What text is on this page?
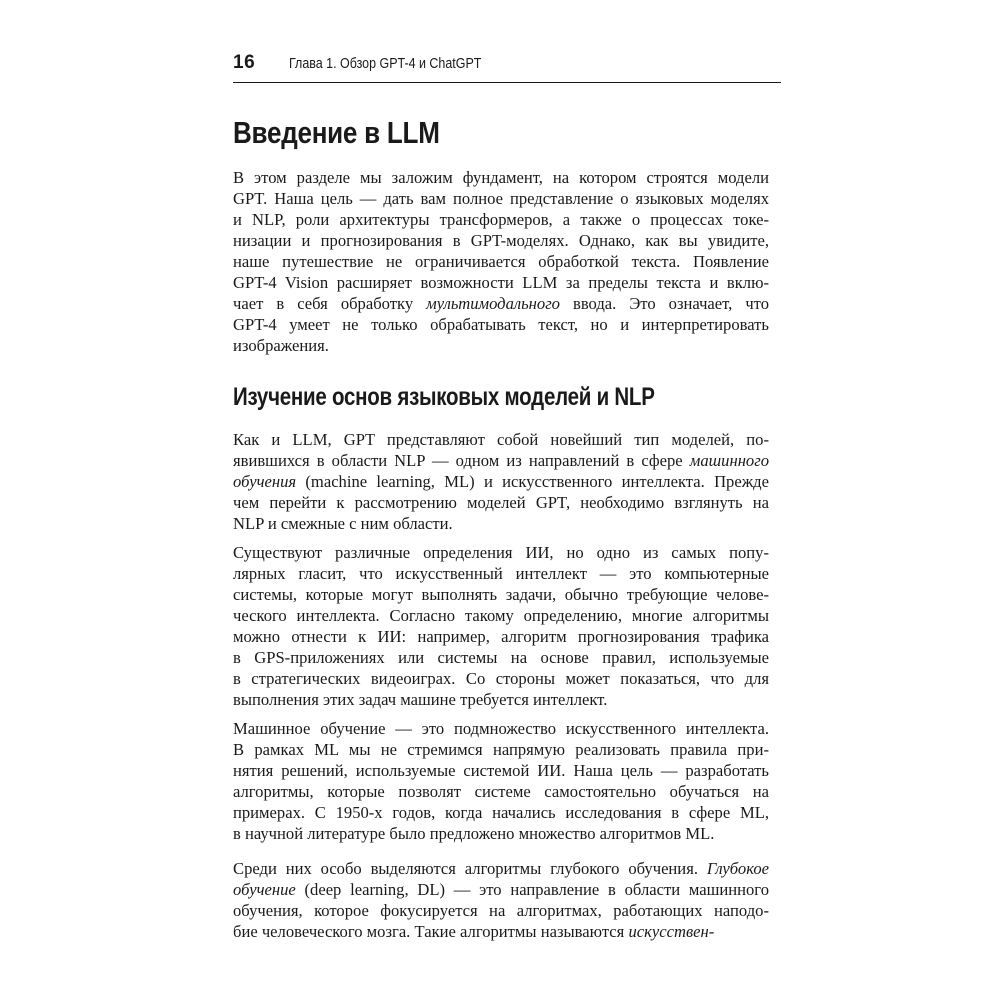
16	Глава 1. Обзор GPT-4 и ChatGPT
Введение в LLM
В этом разделе мы заложим фундамент, на котором строятся модели
GPT. Наша цель — дать вам полное представление о языковых моделях
и NLP, роли архитектуры трансформеров, а также о процессах токе-
низации и прогнозирования в GPT-моделях. Однако, как вы увидите,
наше путешествие не ограничивается обработкой текста. Появление
GPT-4 Vision расширяет возможности LLM за пределы текста и вклю-
чает в себя обработку мультимодального ввода. Это означает, что
GPT-4 умеет не только обрабатывать текст, но и интерпретировать
изображения.
Изучение основ языковых моделей и NLP
Как и LLM, GPT представляют собой новейший тип моделей, по-
явившихся в области NLP — одном из направлений в сфере машинного
обучения (machine learning, ML) и искусственного интеллекта. Прежде
чем перейти к рассмотрению моделей GPT, необходимо взглянуть на
NLP и смежные с ним области.
Существуют различные определения ИИ, но одно из самых попу-
лярных гласит, что искусственный интеллект — это компьютерные
системы, которые могут выполнять задачи, обычно требующие челове-
ческого интеллекта. Согласно такому определению, многие алгоритмы
можно отнести к ИИ: например, алгоритм прогнозирования трафика
в GPS-приложениях или системы на основе правил, используемые
в стратегических видеоиграх. Со стороны может показаться, что для
выполнения этих задач машине требуется интеллект.
Машинное обучение — это подмножество искусственного интеллекта.
В рамках ML мы не стремимся напрямую реализовать правила при-
нятия решений, используемые системой ИИ. Наша цель — разработать
алгоритмы, которые позволят системе самостоятельно обучаться на
примерах. С 1950-х годов, когда начались исследования в сфере ML,
в научной литературе было предложено множество алгоритмов ML.
Среди них особо выделяются алгоритмы глубокого обучения. Глубокое
обучение (deep learning, DL) — это направление в области машинного
обучения, которое фокусируется на алгоритмах, работающих наподо-
бие человеческого мозга. Такие алгоритмы называются искусствен-
